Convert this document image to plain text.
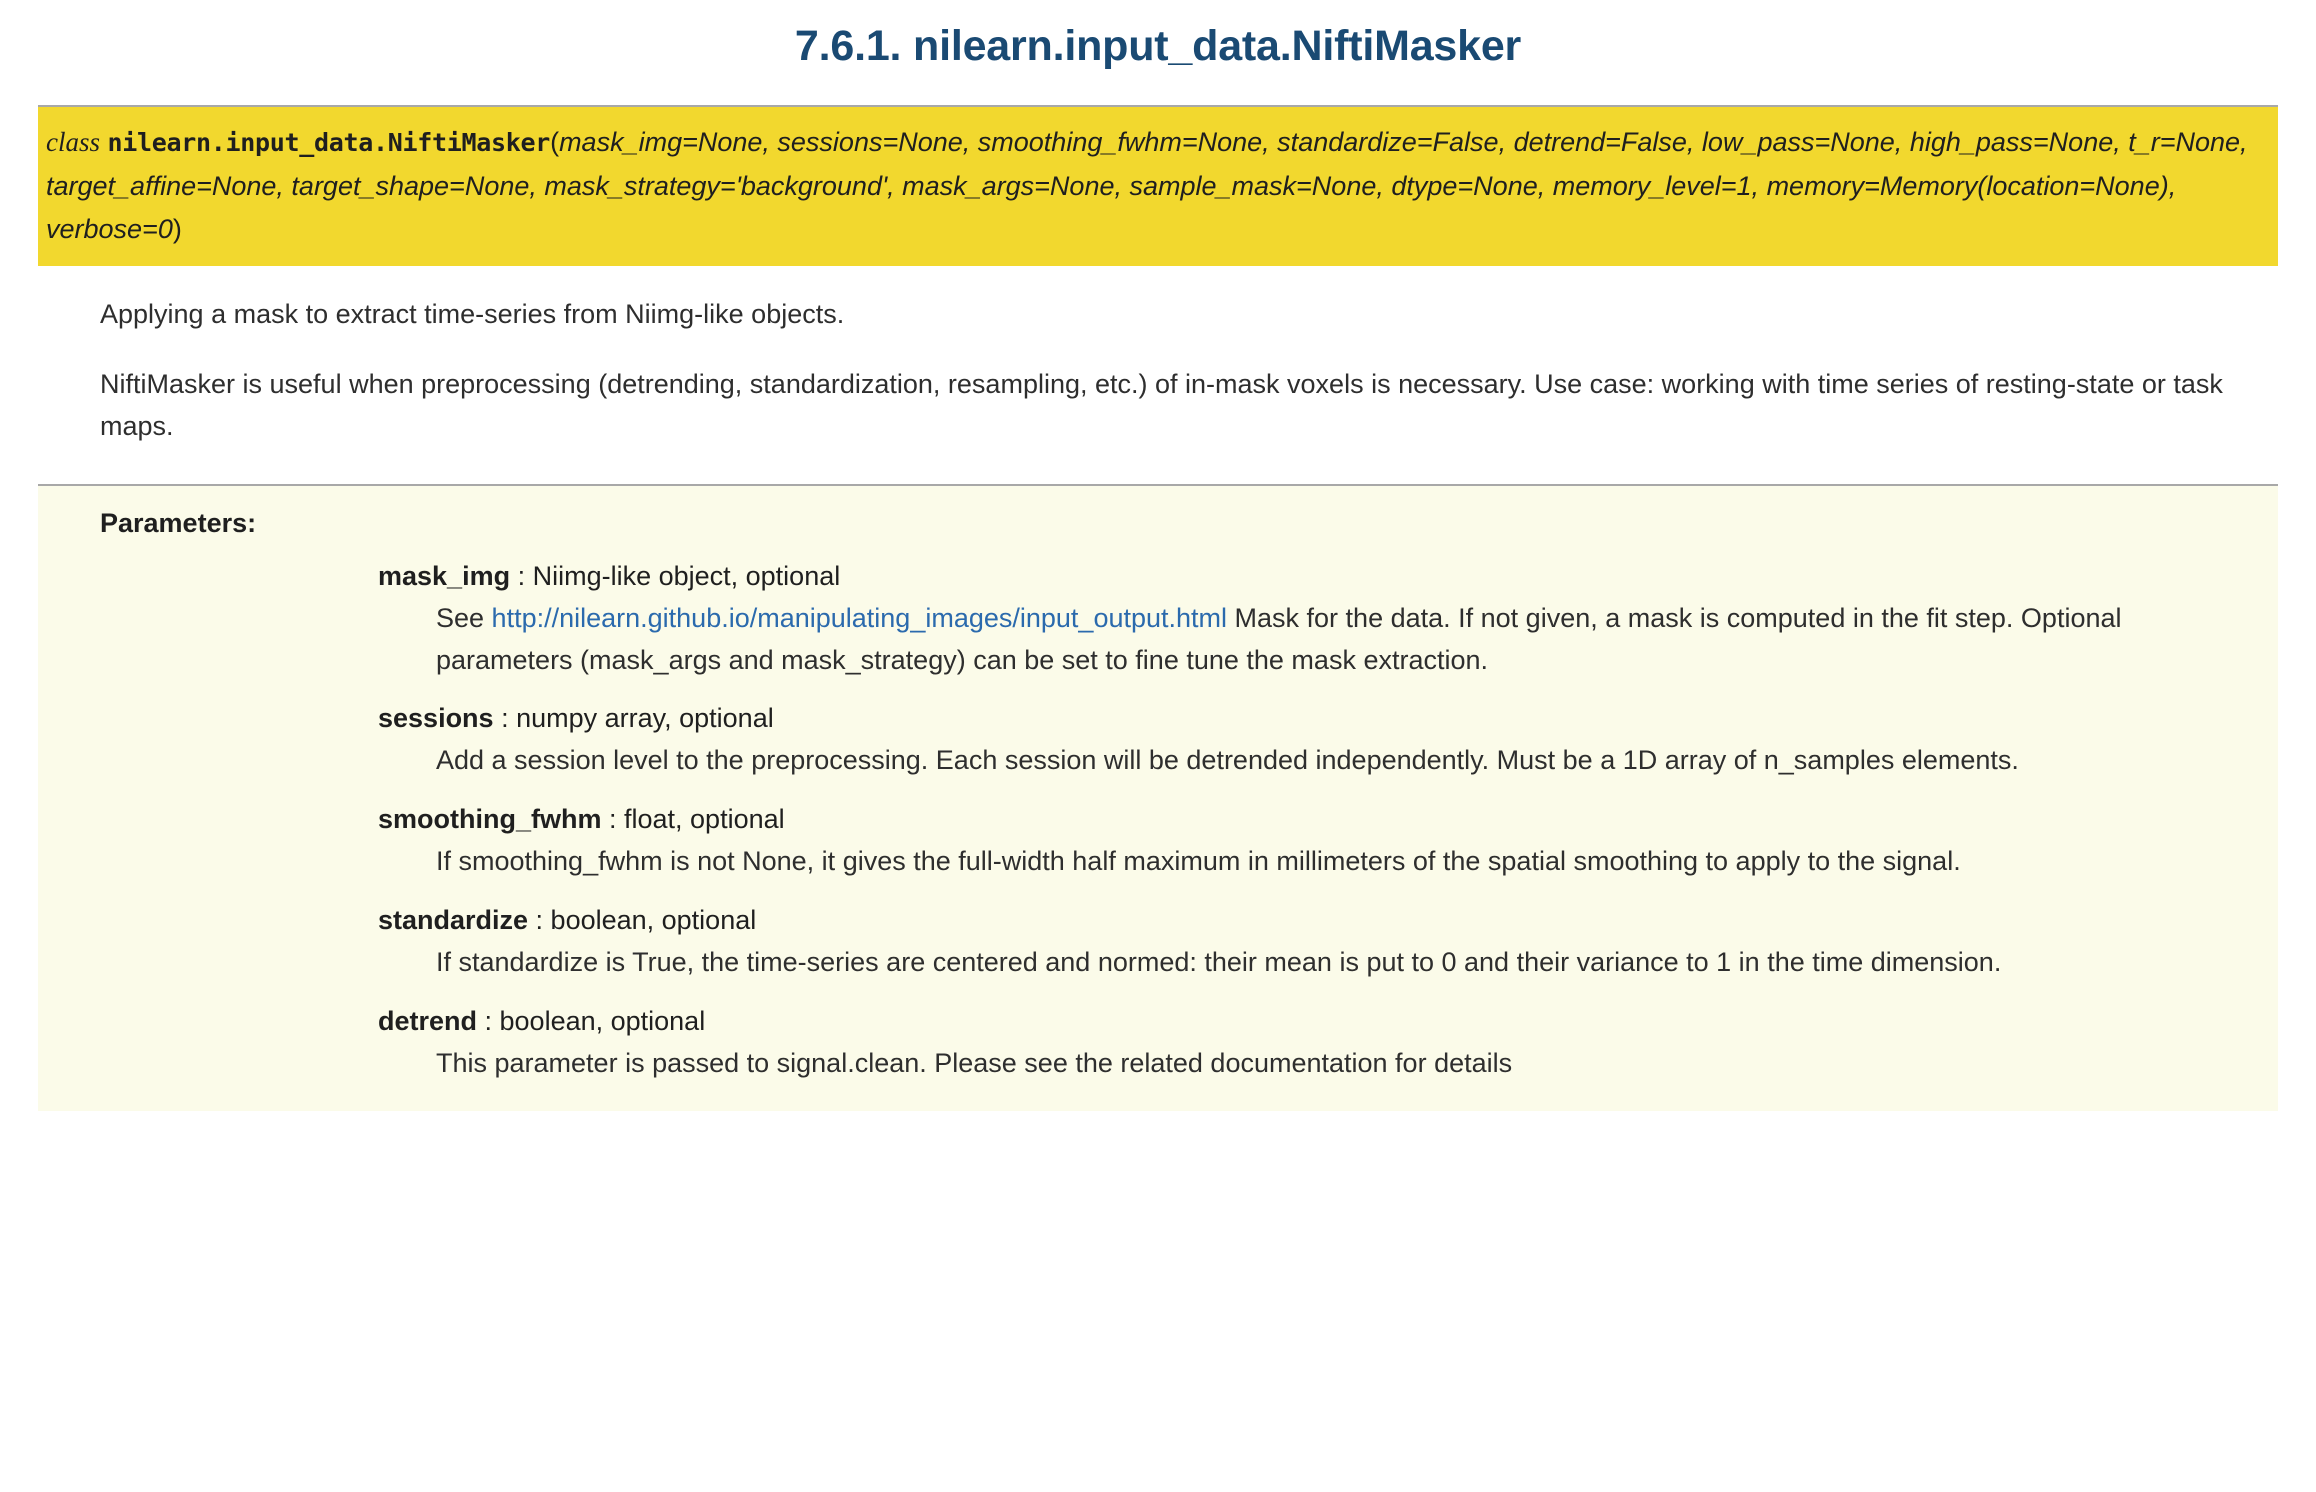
7.6.1. nilearn.input_data.NiftiMasker
class nilearn.input_data.NiftiMasker(mask_img=None, sessions=None, smoothing_fwhm=None, standardize=False, detrend=False, low_pass=None, high_pass=None, t_r=None, target_affine=None, target_shape=None, mask_strategy='background', mask_args=None, sample_mask=None, dtype=None, memory_level=1, memory=Memory(location=None), verbose=0)

Applying a mask to extract time-series from Niimg-like objects.

NiftiMasker is useful when preprocessing (detrending, standardization, resampling, etc.) of in-mask voxels is necessary. Use case: working with time series of resting-state or task maps.

Parameters:
mask_img : Niimg-like object, optional
See http://nilearn.github.io/manipulating_images/input_output.html Mask for the data. If not given, a mask is computed in the fit step. Optional parameters (mask_args and mask_strategy) can be set to fine tune the mask extraction.
sessions : numpy array, optional
Add a session level to the preprocessing. Each session will be detrended independently. Must be a 1D array of n_samples elements.
smoothing_fwhm : float, optional
If smoothing_fwhm is not None, it gives the full-width half maximum in millimeters of the spatial smoothing to apply to the signal.
standardize : boolean, optional
If standardize is True, the time-series are centered and normed: their mean is put to 0 and their variance to 1 in the time dimension.
detrend : boolean, optional
This parameter is passed to signal.clean. Please see the related documentation for details
